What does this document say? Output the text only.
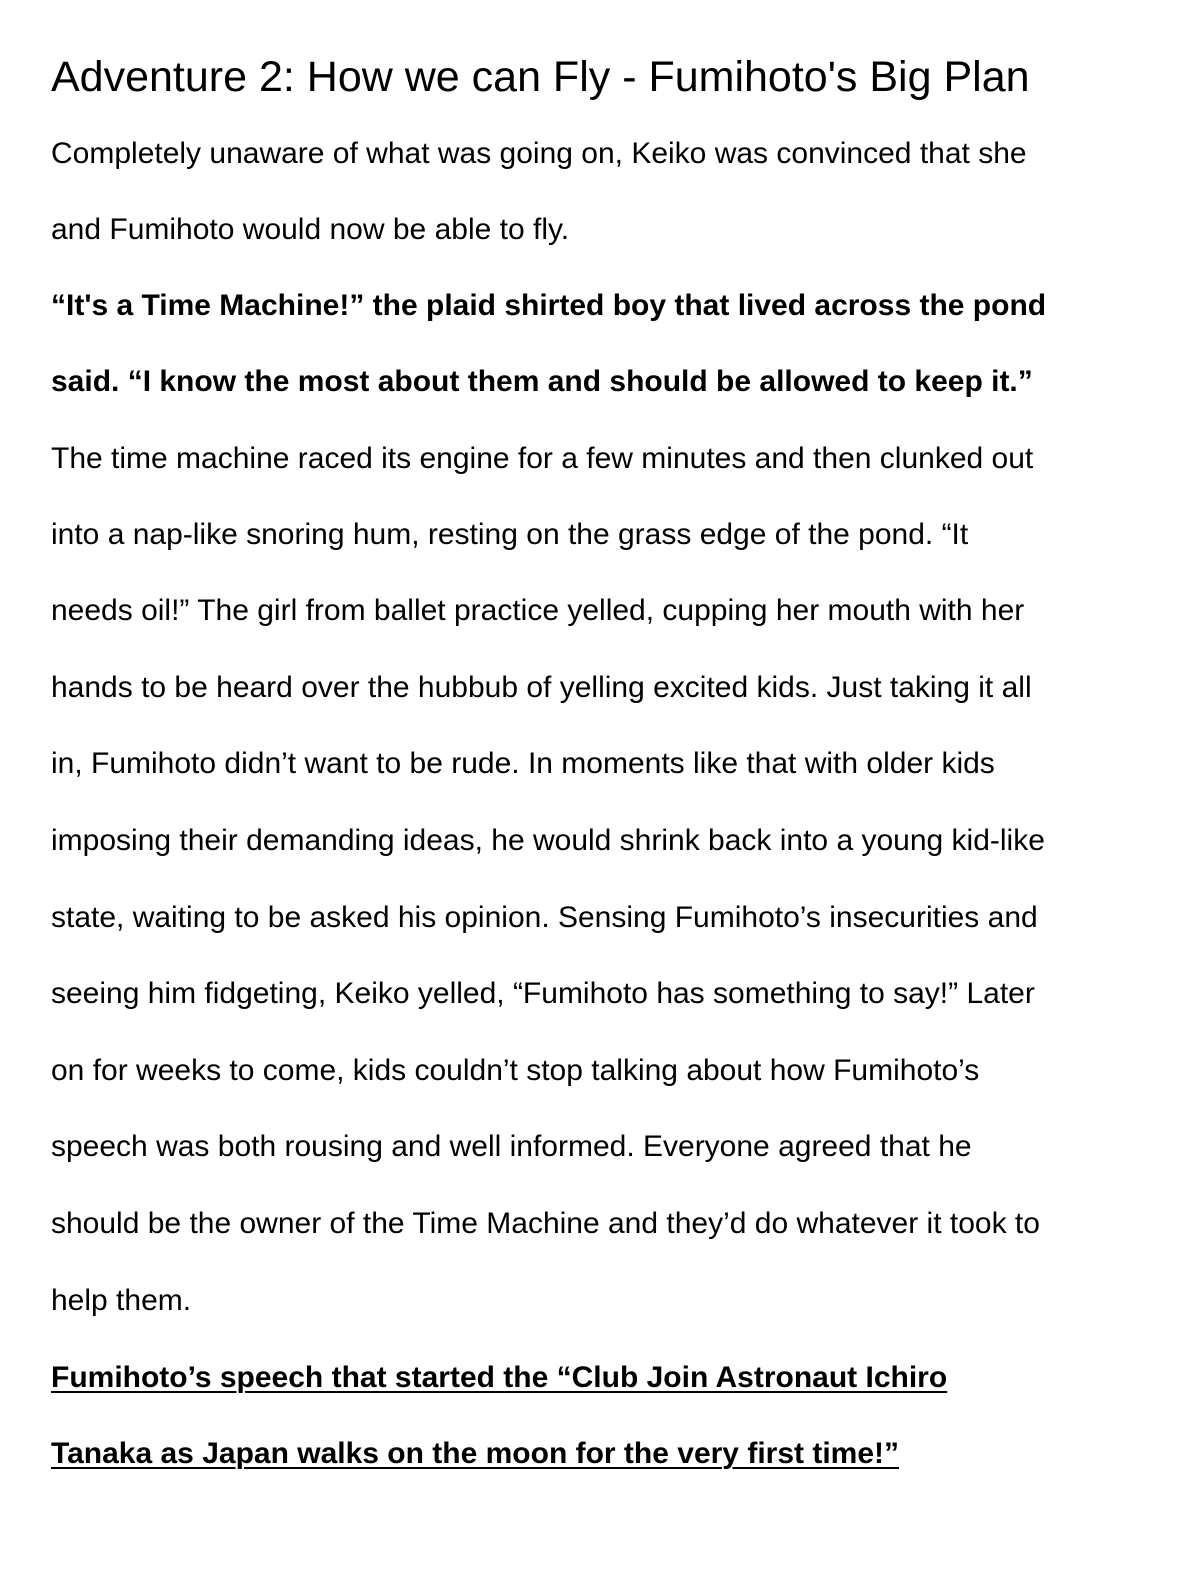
Adventure 2: How we can Fly - Fumihoto's Big Plan

Completely unaware of what was going on, Keiko was convinced that she

and Fumihoto would now be able to fly.

“It's a Time Machine!” the plaid shirted boy that lived across the pond

said. “I know the most about them and should be allowed to keep it.”

The time machine raced its engine for a few minutes and then clunked out

into a nap-like snoring hum, resting on the grass edge of the pond. “It

needs oil!” The girl from ballet practice yelled, cupping her mouth with her

hands to be heard over the hubbub of yelling excited kids. Just taking it all

in, Fumihoto didn’t want to be rude. In moments like that with older kids

imposing their demanding ideas, he would shrink back into a young kid-like

state, waiting to be asked his opinion. Sensing Fumihoto’s insecurities and

seeing him fidgeting, Keiko yelled, “Fumihoto has something to say!” Later

on for weeks to come, kids couldn’t stop talking about how Fumihoto’s

speech was both rousing and well informed. Everyone agreed that he

should be the owner of the Time Machine and they’d do whatever it took to

help them.

Fumihoto’s speech that started the “Club Join Astronaut Ichiro

Tanaka as Japan walks on the moon for the very first time!”
